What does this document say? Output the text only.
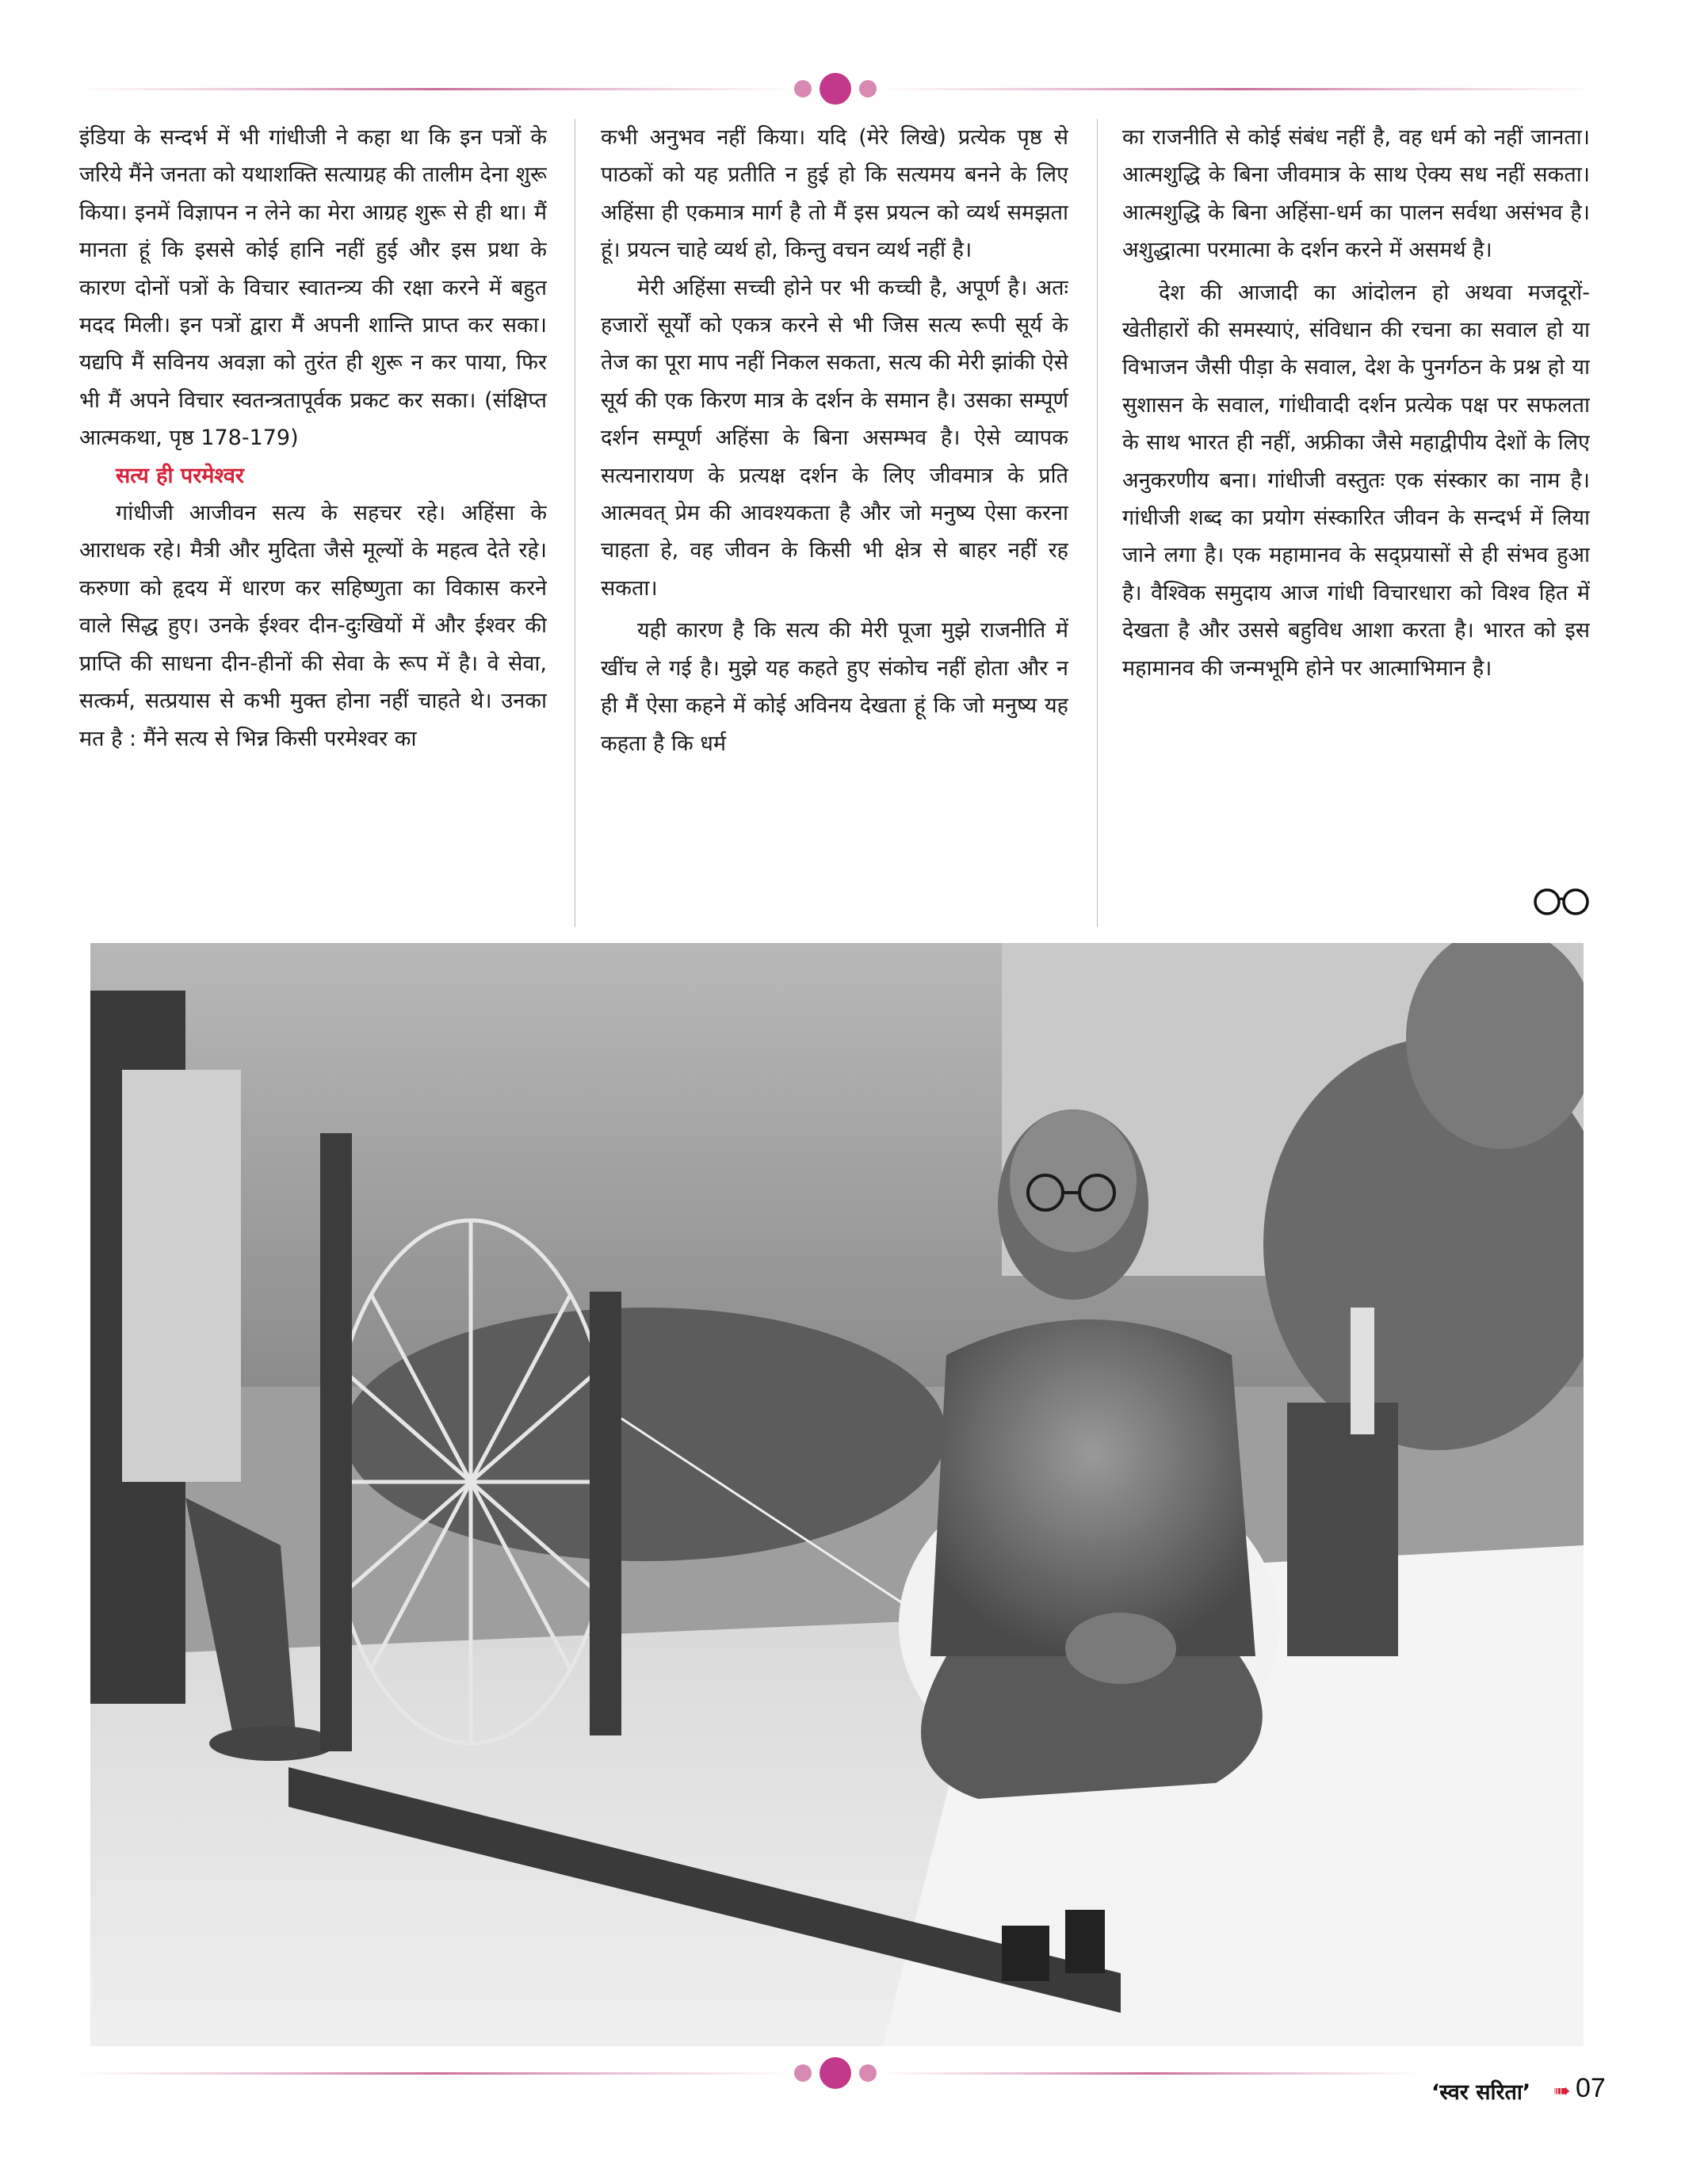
इंडिया के सन्दर्भ में भी गांधीजी ने कहा था कि इन पत्रों के जरिये मैंने जनता को यथाशक्ति सत्याग्रह की तालीम देना शुरू किया। इनमें विज्ञापन न लेने का मेरा आग्रह शुरू से ही था। मैं मानता हूं कि इससे कोई हानि नहीं हुई और इस प्रथा के कारण दोनों पत्रों के विचार स्वातन्त्र्य की रक्षा करने में बहुत मदद मिली। इन पत्रों द्वारा मैं अपनी शान्ति प्राप्त कर सका। यद्यपि मैं सविनय अवज्ञा को तुरंत ही शुरू न कर पाया, फिर भी मैं अपने विचार स्वतन्त्रतापूर्वक प्रकट कर सका। (संक्षिप्त आत्मकथा, पृष्ठ 178-179)

सत्य ही परमेश्वर

गांधीजी आजीवन सत्य के सहचर रहे। अहिंसा के आराधक रहे। मैत्री और मुदिता जैसे मूल्यों के महत्व देते रहे। करुणा को हृदय में धारण कर सहिष्णुता का विकास करने वाले सिद्ध हुए। उनके ईश्वर दीन-दुःखियों में और ईश्वर की प्राप्ति की साधना दीन-हीनों की सेवा के रूप में है। वे सेवा, सत्कर्म, सत्प्रयास से कभी मुक्त होना नहीं चाहते थे। उनका मत है : मैंने सत्य से भिन्न किसी परमेश्वर का

कभी अनुभव नहीं किया। यदि (मेरे लिखे) प्रत्येक पृष्ठ से पाठकों को यह प्रतीति न हुई हो कि सत्यमय बनने के लिए अहिंसा ही एकमात्र मार्ग है तो मैं इस प्रयत्न को व्यर्थ समझता हूं। प्रयत्न चाहे व्यर्थ हो, किन्तु वचन व्यर्थ नहीं है।

मेरी अहिंसा सच्ची होने पर भी कच्ची है, अपूर्ण है। अतः हजारों सूर्यों को एकत्र करने से भी जिस सत्य रूपी सूर्य के तेज का पूरा माप नहीं निकल सकता, सत्य की मेरी झांकी ऐसे सूर्य की एक किरण मात्र के दर्शन के समान है। उसका सम्पूर्ण दर्शन सम्पूर्ण अहिंसा के बिना असम्भव है। ऐसे व्यापक सत्यनारायण के प्रत्यक्ष दर्शन के लिए जीवमात्र के प्रति आत्मवत् प्रेम की आवश्यकता है और जो मनुष्य ऐसा करना चाहता हे, वह जीवन के किसी भी क्षेत्र से बाहर नहीं रह सकता।

यही कारण है कि सत्य की मेरी पूजा मुझे राजनीति में खींच ले गई है। मुझे यह कहते हुए संकोच नहीं होता और न ही मैं ऐसा कहने में कोई अविनय देखता हूं कि जो मनुष्य यह कहता है कि धर्म

का राजनीति से कोई संबंध नहीं है, वह धर्म को नहीं जानता। आत्मशुद्धि के बिना जीवमात्र के साथ ऐक्य सध नहीं सकता। आत्मशुद्धि के बिना अहिंसा-धर्म का पालन सर्वथा असंभव है। अशुद्धात्मा परमात्मा के दर्शन करने में असमर्थ है।

देश की आजादी का आंदोलन हो अथवा मजदूरों-खेतीहारों की समस्याएं, संविधान की रचना का सवाल हो या विभाजन जैसी पीड़ा के सवाल, देश के पुनर्गठन के प्रश्न हो या सुशासन के सवाल, गांधीवादी दर्शन प्रत्येक पक्ष पर सफलता के साथ भारत ही नहीं, अफ्रीका जैसे महाद्वीपीय देशों के लिए अनुकरणीय बना। गांधीजी वस्तुतः एक संस्कार का नाम है। गांधीजी शब्द का प्रयोग संस्कारित जीवन के सन्दर्भ में लिया जाने लगा है। एक महामानव के सद्प्रयासों से ही संभव हुआ है। वैश्विक समुदाय आज गांधी विचारधारा को विश्व हित में देखता है और उससे बहुविध आशा करता है। भारत को इस महामानव की जन्मभूमि होने पर आत्माभिमान है।

‘स्वर सरिता’ ➠ 07
